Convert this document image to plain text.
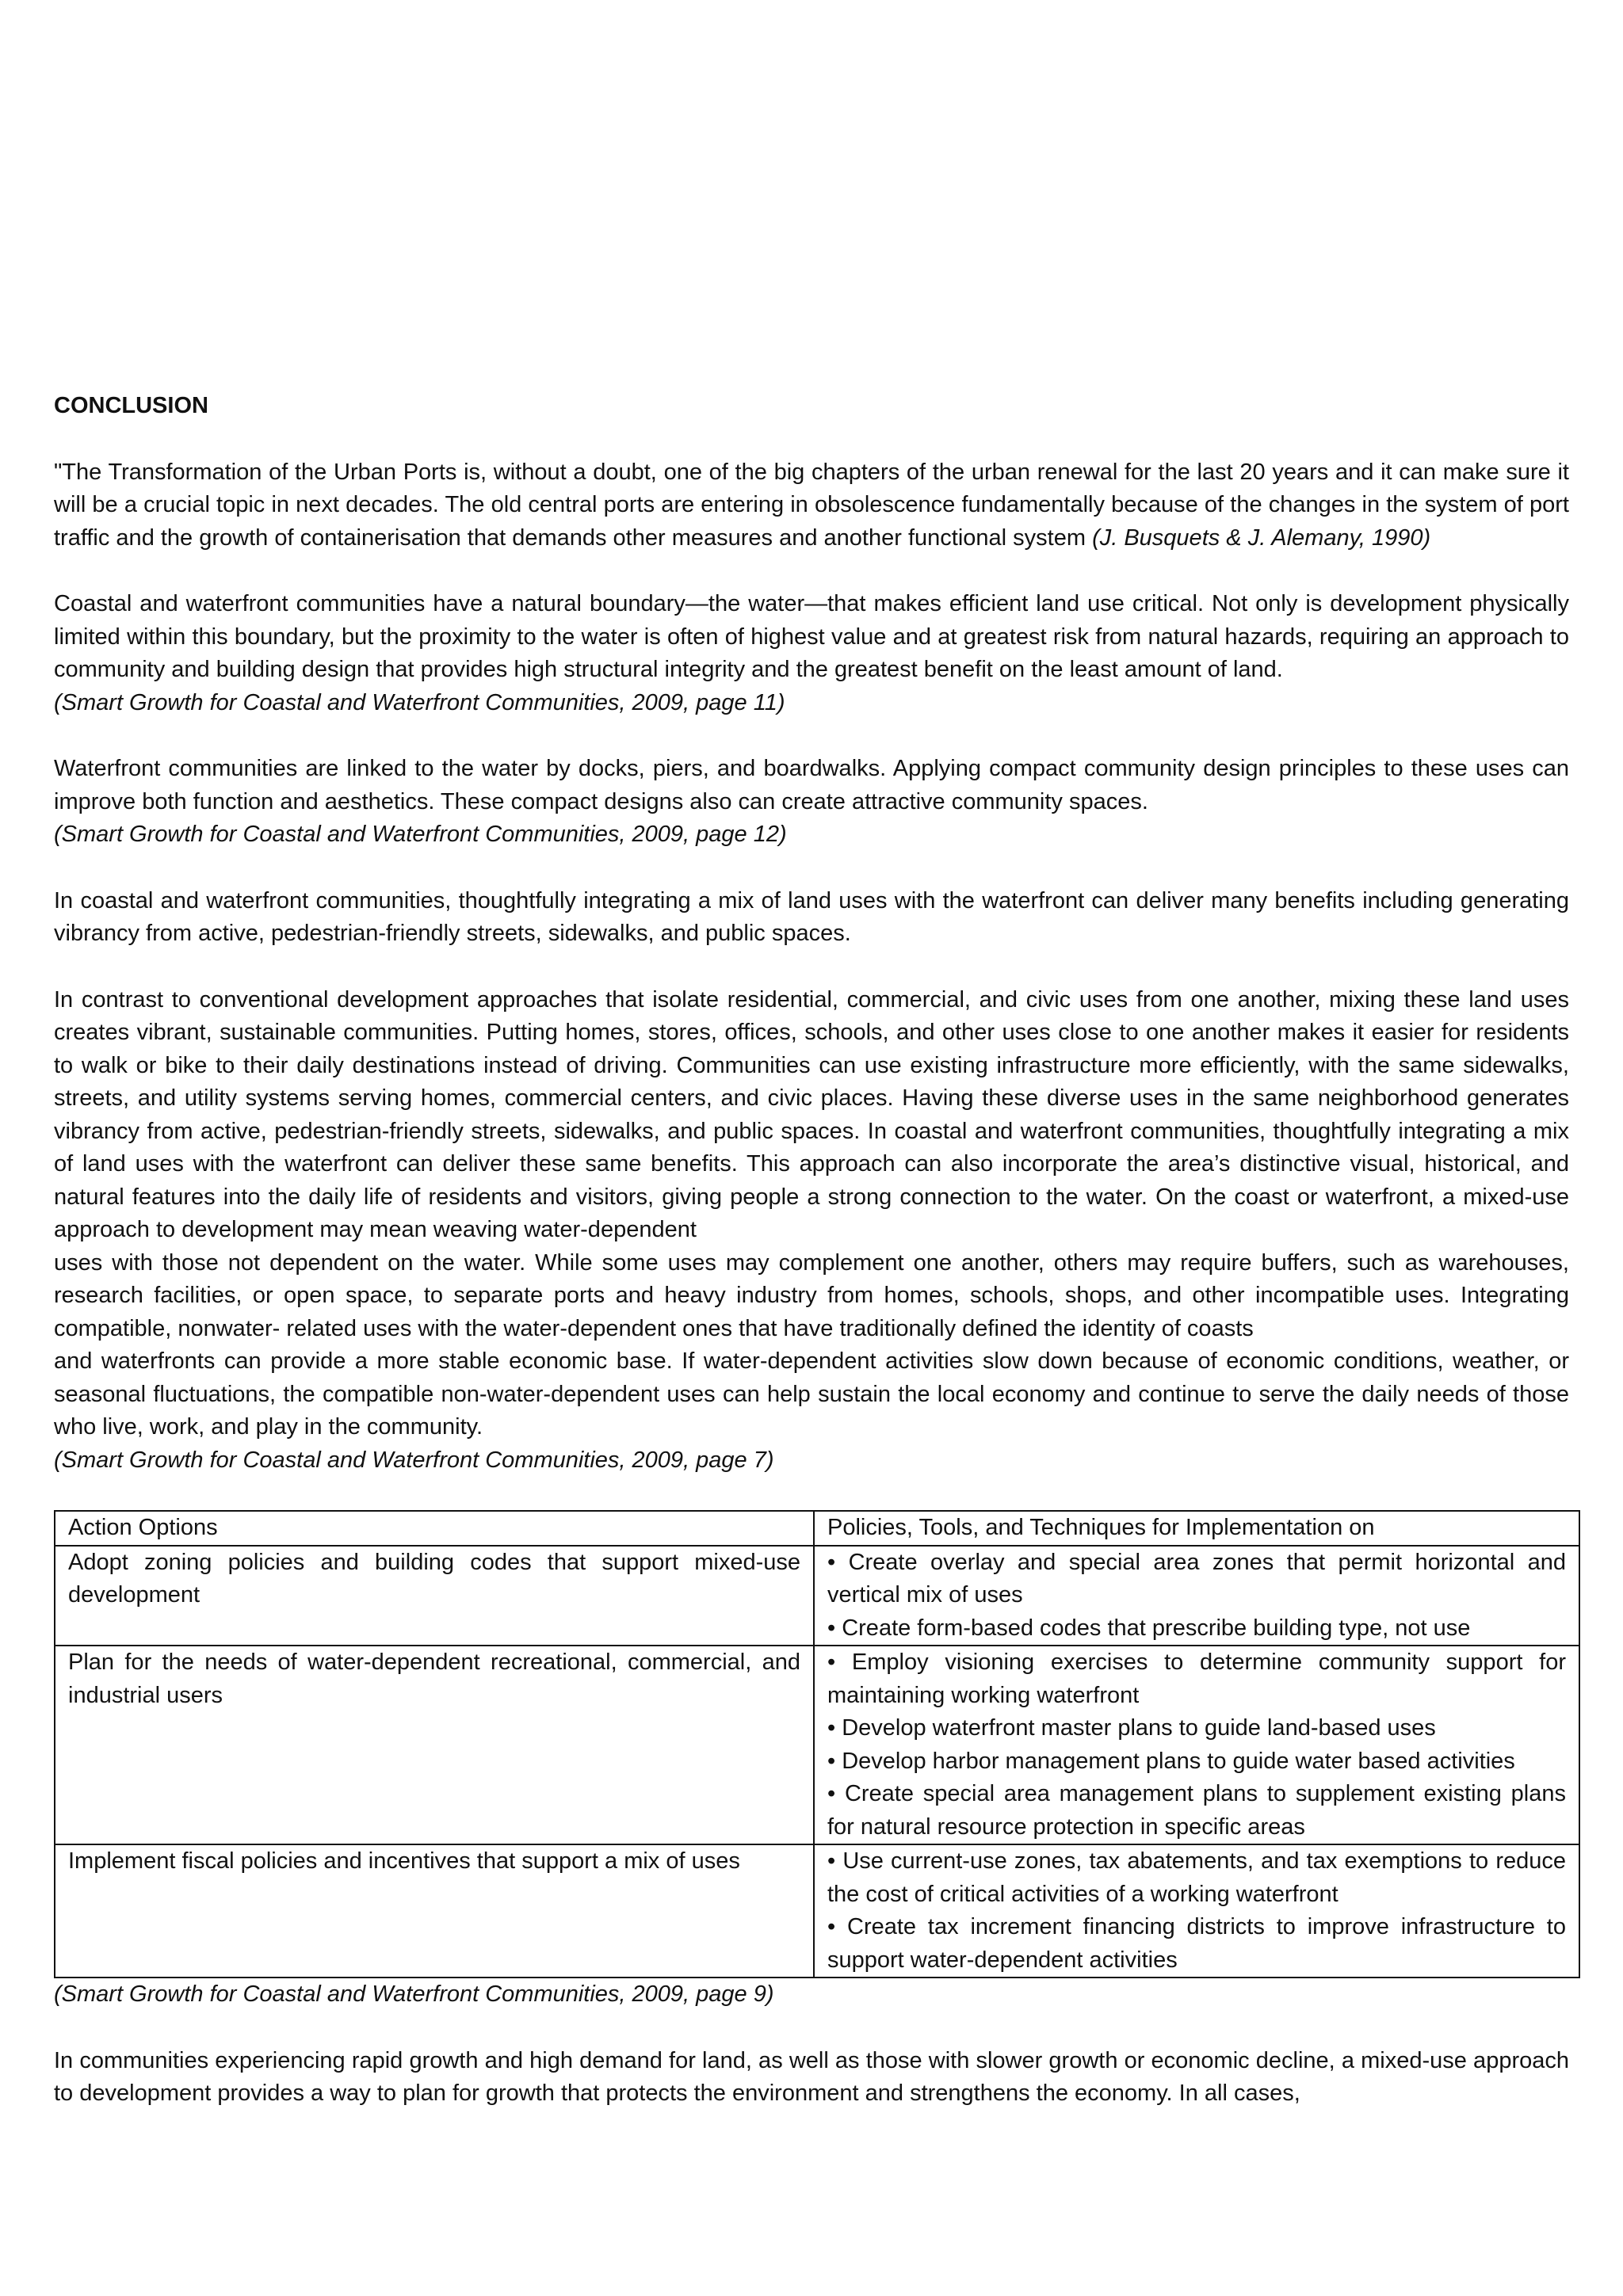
CONCLUSION

"The Transformation of the Urban Ports is, without a doubt, one of the big chapters of the urban renewal for the last 20 years and it can make sure it will be a crucial topic in next decades. The old central ports are entering in obsolescence fundamentally because of the changes in the system of port traffic and the growth of containerisation that demands other measures and another functional system (J. Busquets & J. Alemany, 1990)

Coastal and waterfront communities have a natural boundary—the water—that makes efficient land use critical. Not only is development physically limited within this boundary, but the proximity to the water is often of highest value and at greatest risk from natural hazards, requiring an approach to community and building design that provides high structural integrity and the greatest benefit on the least amount of land.

(Smart Growth for Coastal and Waterfront Communities, 2009, page 11)

Waterfront communities are linked to the water by docks, piers, and boardwalks. Applying compact community design principles to these uses can improve both function and aesthetics. These compact designs also can create attractive community spaces.

(Smart Growth for Coastal and Waterfront Communities, 2009, page 12)

In coastal and waterfront communities, thoughtfully integrating a mix of land uses with the waterfront can deliver many benefits including generating vibrancy from active, pedestrian-friendly streets, sidewalks, and public spaces.

In contrast to conventional development approaches that isolate residential, commercial, and civic uses from one another, mixing these land uses creates vibrant, sustainable communities. Putting homes, stores, offices, schools, and other uses close to one another makes it easier for residents to walk or bike to their daily destinations instead of driving. Communities can use existing infrastructure more efficiently, with the same sidewalks, streets, and utility systems serving homes, commercial centers, and civic places. Having these diverse uses in the same neighborhood generates vibrancy from active, pedestrian-friendly streets, sidewalks, and public spaces. In coastal and waterfront communities, thoughtfully integrating a mix of land uses with the waterfront can deliver these same benefits. This approach can also incorporate the area’s distinctive visual, historical, and natural features into the daily life of residents and visitors, giving people a strong connection to the water. On the coast or waterfront, a mixed-use approach to development may mean weaving water-dependent

uses with those not dependent on the water. While some uses may complement one another, others may require buffers, such as warehouses, research facilities, or open space, to separate ports and heavy industry from homes, schools, shops, and other incompatible uses. Integrating compatible, nonwater- related uses with the water-dependent ones that have traditionally defined the identity of coasts

and waterfronts can provide a more stable economic base. If water-dependent activities slow down because of economic conditions, weather, or seasonal fluctuations, the compatible non-water-dependent uses can help sustain the local economy and continue to serve the daily needs of those who live, work, and play in the community.

(Smart Growth for Coastal and Waterfront Communities, 2009, page 7)

Action Options	Policies, Tools, and Techniques for Implementation on
Adopt zoning policies and building codes that support mixed-use development	• Create overlay and special area zones that permit horizontal and vertical mix of uses
• Create form-based codes that prescribe building type, not use

Plan for the needs of water-dependent recreational, commercial, and industrial users	• Employ visioning exercises to determine community support for maintaining working waterfront
• Develop waterfront master plans to guide land-based uses
• Develop harbor management plans to guide water based activities
• Create special area management plans to supplement existing plans for natural resource protection in specific areas

Implement fiscal policies and incentives that support a mix of uses	• Use current-use zones, tax abatements, and tax exemptions to reduce the cost of critical activities of a working waterfront
• Create tax increment financing districts to improve infrastructure to support water-dependent activities

(Smart Growth for Coastal and Waterfront Communities, 2009, page 9)

In communities experiencing rapid growth and high demand for land, as well as those with slower growth or economic decline, a mixed-use approach to development provides a way to plan for growth that protects the environment and strengthens the economy. In all cases,
